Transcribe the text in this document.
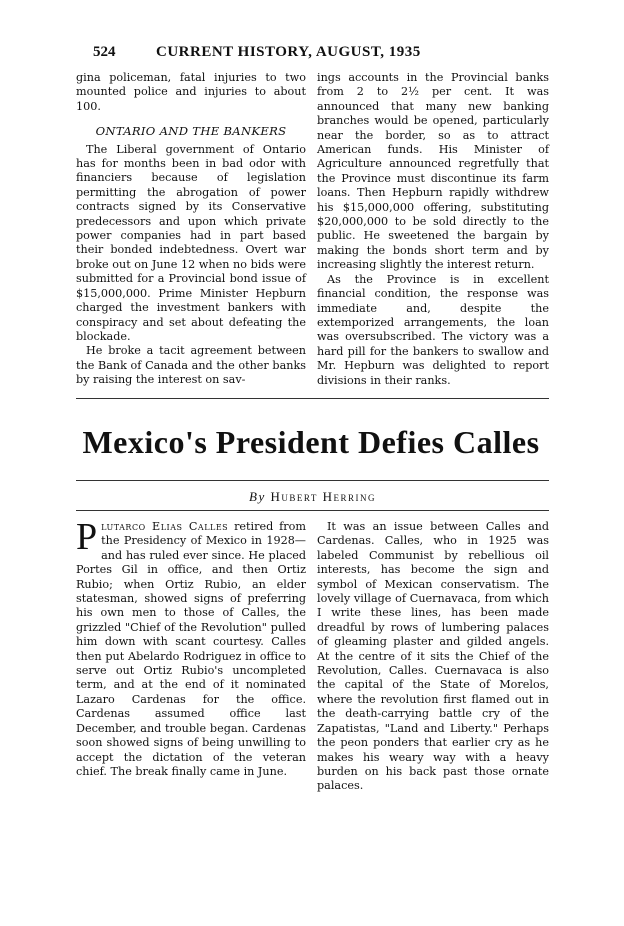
524	CURRENT HISTORY, AUGUST, 1935

gina policeman, fatal injuries to two mounted police and injuries to about 100.

ONTARIO AND THE BANKERS

The Liberal government of Ontario has for months been in bad odor with financiers because of legislation permitting the abrogation of power contracts signed by its Conservative predecessors and upon which private power companies had in part based their bonded indebtedness. Overt war broke out on June 12 when no bids were submitted for a Provincial bond issue of $15,000,000. Prime Minister Hepburn charged the investment bankers with conspiracy and set about defeating the blockade.

He broke a tacit agreement between the Bank of Canada and the other banks by raising the interest on sav-

ings accounts in the Provincial banks from 2 to 2½ per cent. It was announced that many new banking branches would be opened, particularly near the border, so as to attract American funds. His Minister of Agriculture announced regretfully that the Province must discontinue its farm loans. Then Hepburn rapidly withdrew his $15,000,000 offering, substituting $20,000,000 to be sold directly to the public. He sweetened the bargain by making the bonds short term and by increasing slightly the interest return.

As the Province is in excellent financial condition, the response was immediate and, despite the extemporized arrangements, the loan was oversubscribed. The victory was a hard pill for the bankers to swallow and Mr. Hepburn was delighted to report divisions in their ranks.

Mexico's President Defies Calles
By Hubert Herring

Plutarco Elias Calles retired from the Presidency of Mexico in 1928—and has ruled ever since. He placed Portes Gil in office, and then Ortiz Rubio; when Ortiz Rubio, an elder statesman, showed signs of preferring his own men to those of Calles, the grizzled "Chief of the Revolution" pulled him down with scant courtesy. Calles then put Abelardo Rodriguez in office to serve out Ortiz Rubio's uncompleted term, and at the end of it nominated Lazaro Cardenas for the office. Cardenas assumed office last December, and trouble began. Cardenas soon showed signs of being unwilling to accept the dictation of the veteran chief. The break finally came in June.

It was an issue between Calles and Cardenas. Calles, who in 1925 was labeled Communist by rebellious oil interests, has become the sign and symbol of Mexican conservatism. The lovely village of Cuernavaca, from which I write these lines, has been made dreadful by rows of lumbering palaces of gleaming plaster and gilded angels. At the centre of it sits the Chief of the Revolution, Calles. Cuernavaca is also the capital of the State of Morelos, where the revolution first flamed out in the death-carrying battle cry of the Zapatistas, "Land and Liberty." Perhaps the peon ponders that earlier cry as he makes his weary way with a heavy burden on his back past those ornate palaces.
